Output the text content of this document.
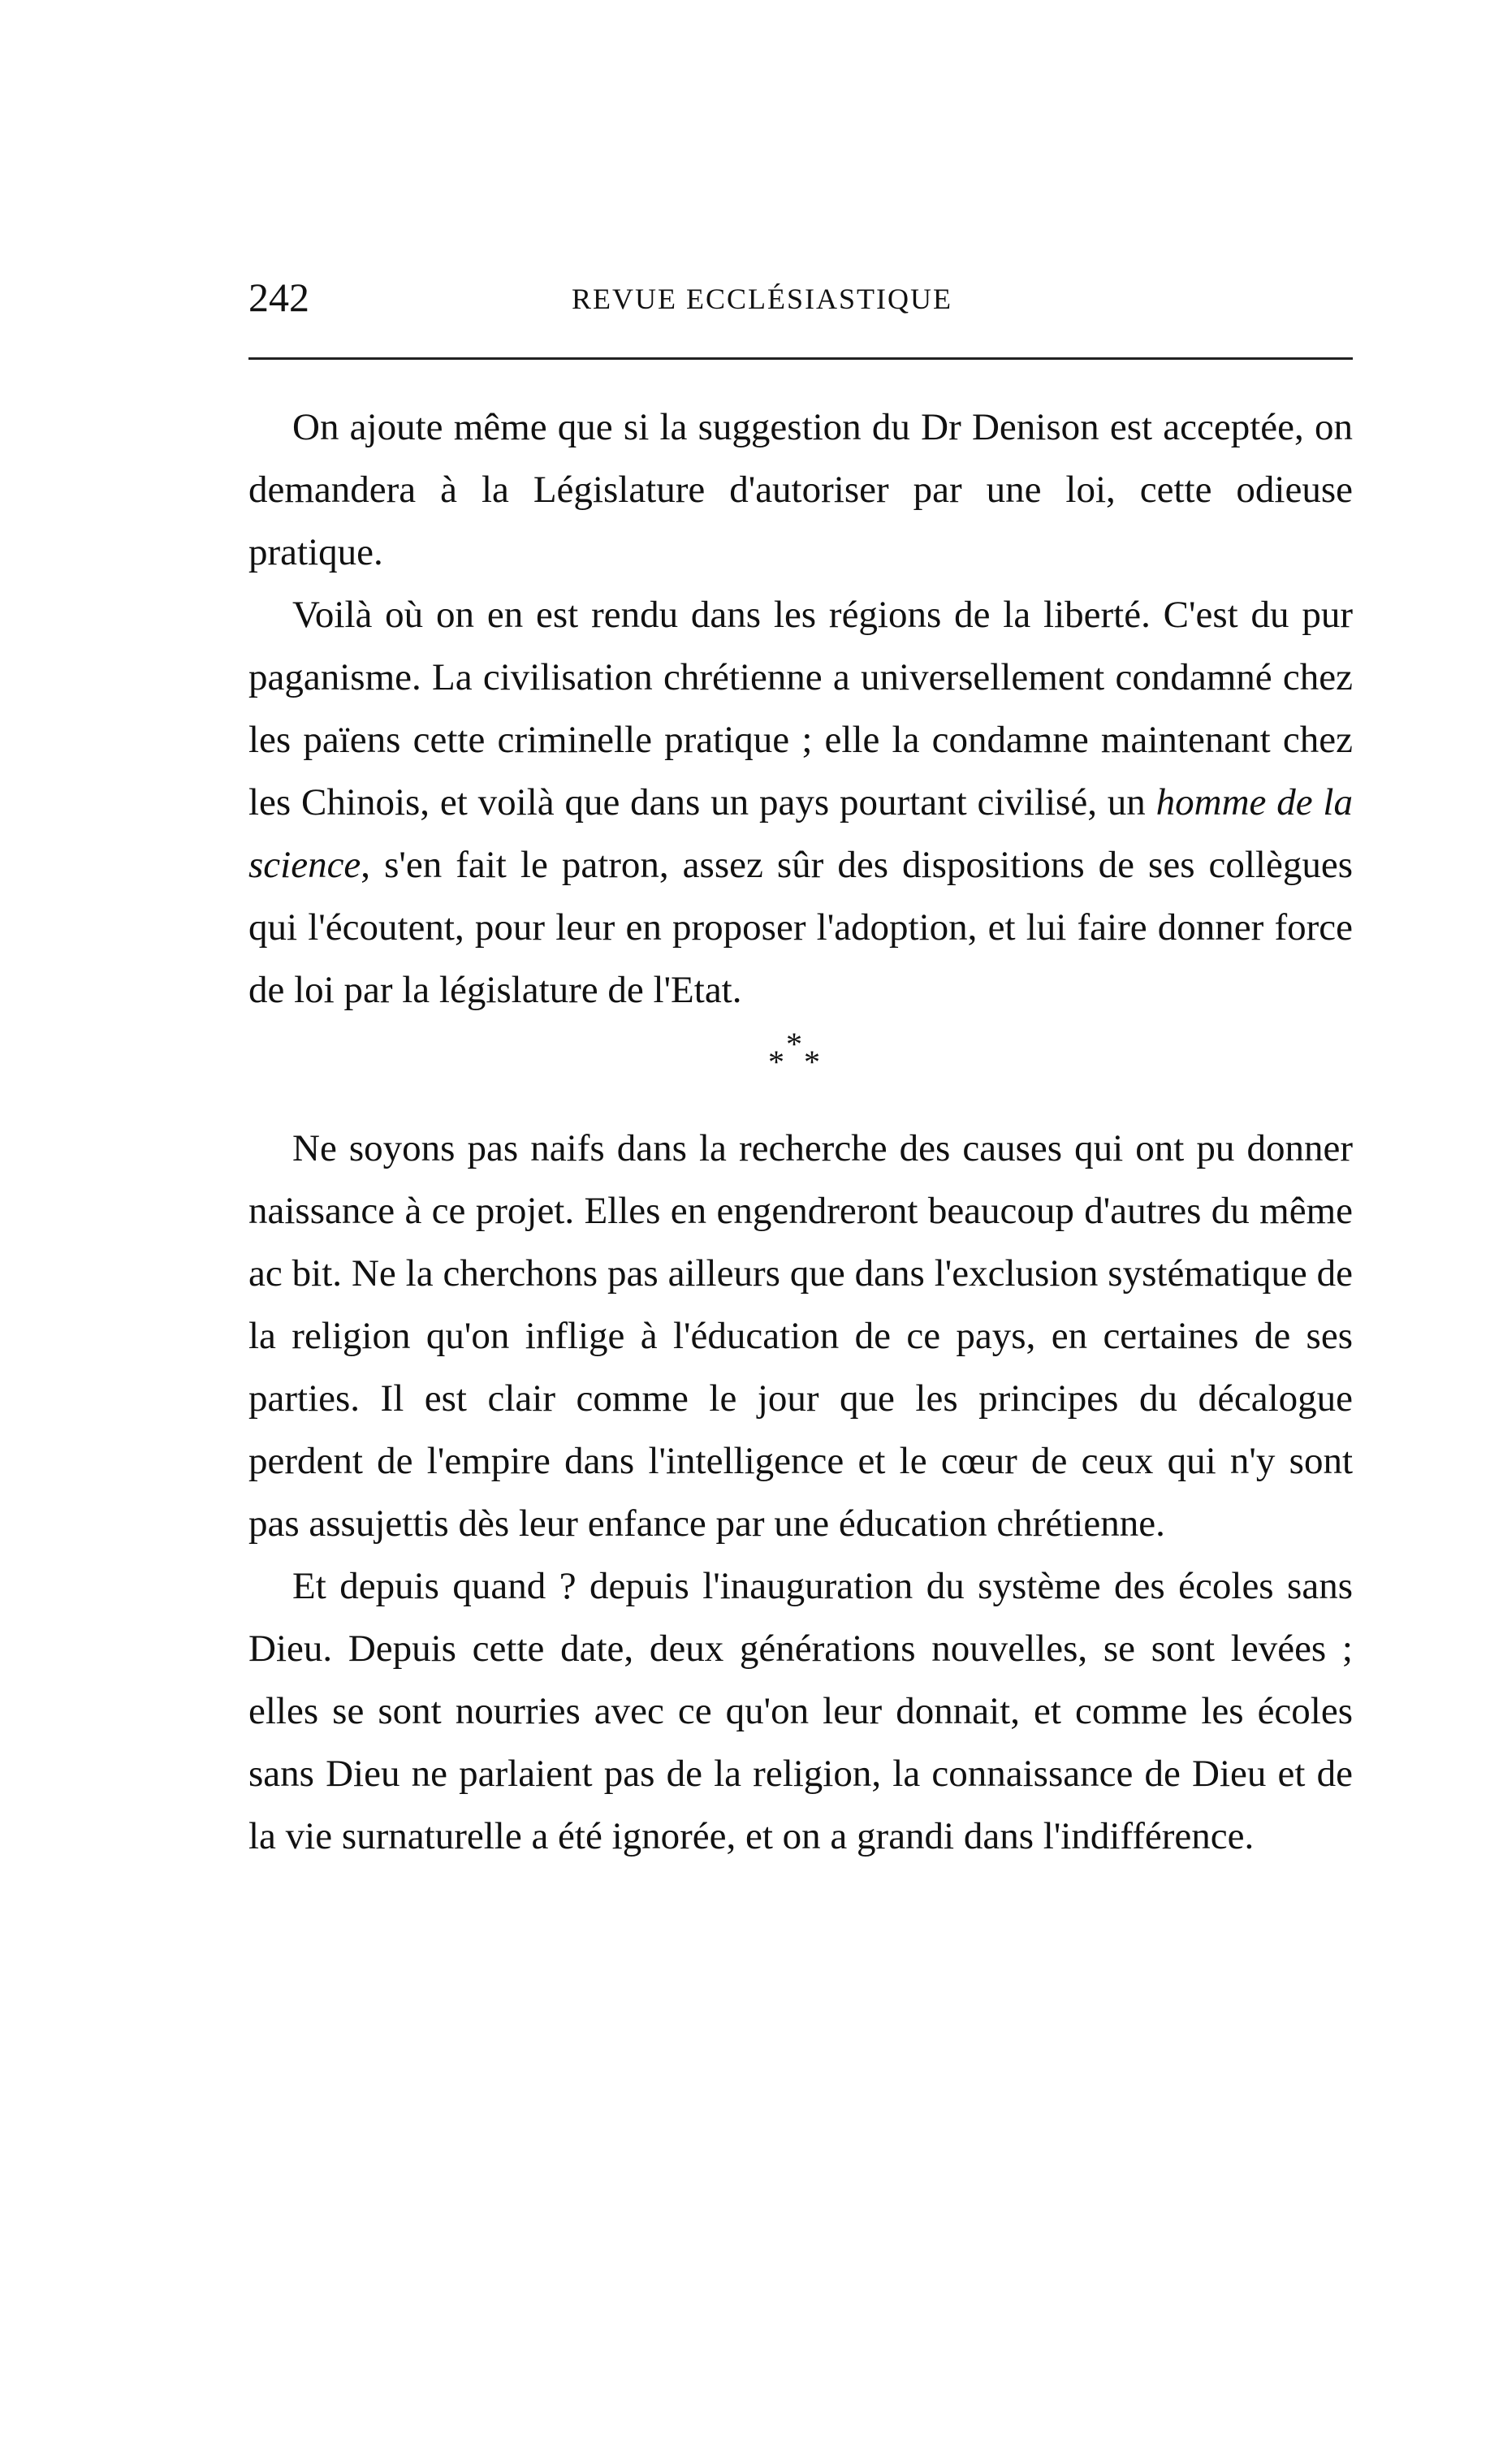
242	REVUE ECCLÉSIASTIQUE

On ajoute même que si la suggestion du Dr Denison est acceptée, on demandera à la Législature d'autoriser par une loi, cette odieuse pratique.

Voilà où on en est rendu dans les régions de la liberté. C'est du pur paganisme. La civilisation chrétienne a universellement condamné chez les païens cette criminelle pratique ; elle la condamne maintenant chez les Chinois, et voilà que dans un pays pourtant civilisé, un homme de la science, s'en fait le patron, assez sûr des dispositions de ses collègues qui l'écoutent, pour leur en proposer l'adoption, et lui faire donner force de loi par la législature de l'Etat.

*
* *

Ne soyons pas naifs dans la recherche des causes qui ont pu donner naissance à ce projet. Elles en engendreront beaucoup d'autres du même ac bit. Ne la cherchons pas ailleurs que dans l'exclusion systématique de la religion qu'on inflige à l'éducation de ce pays, en certaines de ses parties. Il est clair comme le jour que les principes du décalogue perdent de l'empire dans l'intelligence et le cœur de ceux qui n'y sont pas assujettis dès leur enfance par une éducation chrétienne.

Et depuis quand ? depuis l'inauguration du système des écoles sans Dieu. Depuis cette date, deux générations nouvelles, se sont levées ; elles se sont nourries avec ce qu'on leur donnait, et comme les écoles sans Dieu ne parlaient pas de la religion, la connaissance de Dieu et de la vie surnaturelle a été ignorée, et on a grandi dans l'indifférence.
